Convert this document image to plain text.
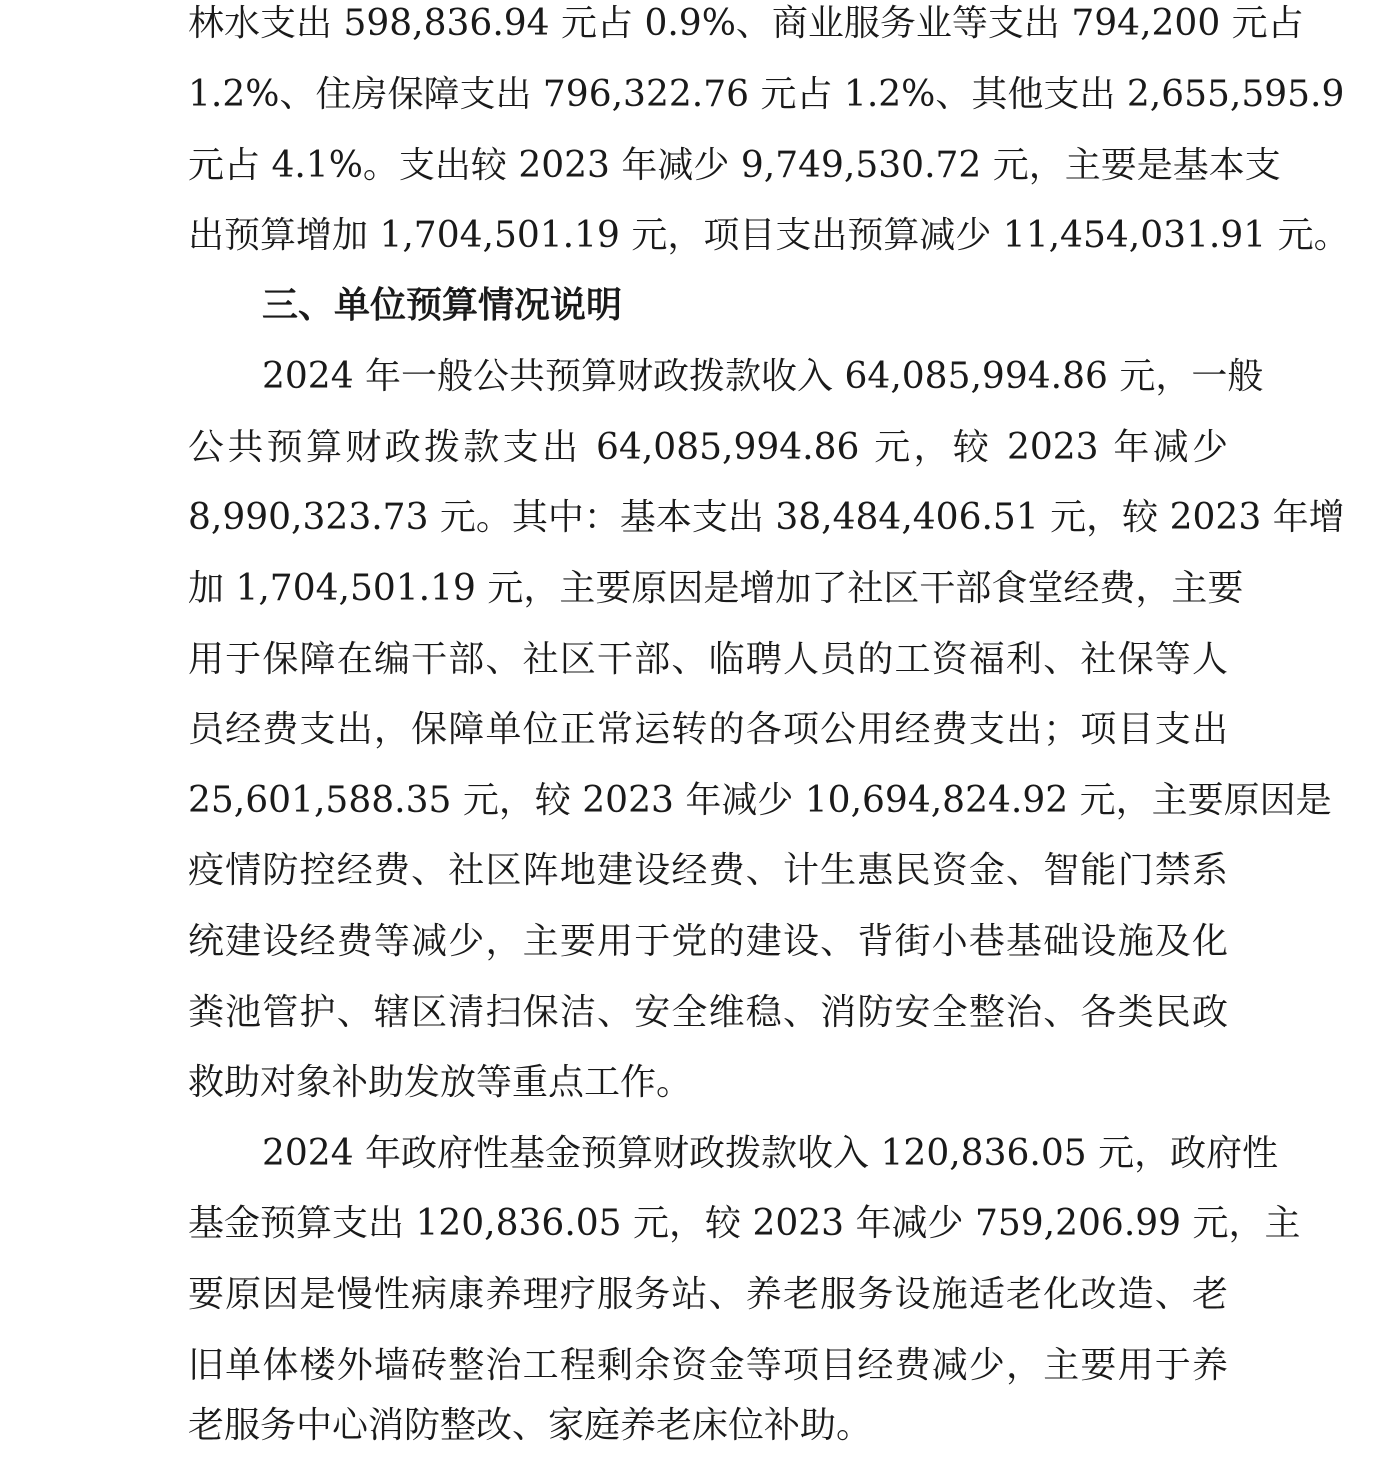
林水支出 598,836.94 元占 0.9%、商业服务业等支出 794,200 元占
1.2%、住房保障支出 796,322.76 元占 1.2%、其他支出 2,655,595.9
元占 4.1%。支出较 2023 年减少 9,749,530.72 元，主要是基本支
出预算增加 1,704,501.19 元，项目支出预算减少 11,454,031.91 元。
三、单位预算情况说明
2024 年一般公共预算财政拨款收入 64,085,994.86 元，一般
公共预算财政拨款支出 64,085,994.86 元，较 2023 年减少
8,990,323.73 元。其中：基本支出 38,484,406.51 元，较 2023 年增
加 1,704,501.19 元，主要原因是增加了社区干部食堂经费，主要
用于保障在编干部、社区干部、临聘人员的工资福利、社保等人
员经费支出，保障单位正常运转的各项公用经费支出；项目支出
25,601,588.35 元，较 2023 年减少 10,694,824.92 元，主要原因是
疫情防控经费、社区阵地建设经费、计生惠民资金、智能门禁系
统建设经费等减少，主要用于党的建设、背街小巷基础设施及化
粪池管护、辖区清扫保洁、安全维稳、消防安全整治、各类民政
救助对象补助发放等重点工作。
2024 年政府性基金预算财政拨款收入 120,836.05 元，政府性
基金预算支出 120,836.05 元，较 2023 年减少 759,206.99 元，主
要原因是慢性病康养理疗服务站、养老服务设施适老化改造、老
旧单体楼外墙砖整治工程剩余资金等项目经费减少，主要用于养
老服务中心消防整改、家庭养老床位补助。
